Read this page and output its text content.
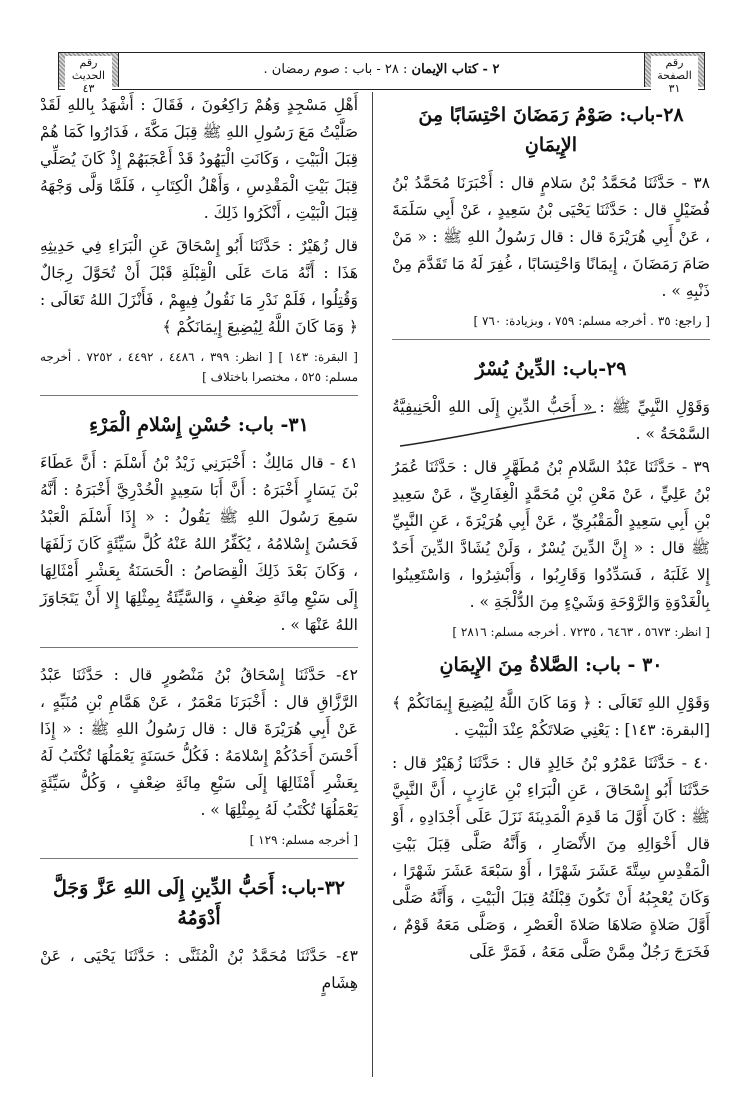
رقم الصفحة
٣١
٢ - كتاب الإيمان : ٢٨ - باب : صوم رمضان .
رقم الحديث
٤٣
٢٨-باب: صَوْمُ رَمَضَانَ احْتِسَابًا مِنَ الإِيمَانِ

٣٨ - حَدَّثَنَا مُحَمَّدُ بْنُ سَلامٍ قال : أَخْبَرَنَا مُحَمَّدُ بْنُ فُضَيْلٍ قال : حَدَّثَنَا يَحْيَى بْنُ سَعِيدٍ ، عَنْ أَبِي سَلَمَةَ ، عَنْ أَبِي هُرَيْرَةَ قال : قال رَسُولُ اللهِ ﷺ : « مَنْ صَامَ رَمَضَانَ ، إِيمَانًا وَاحْتِسَابًا ، غُفِرَ لَهُ مَا تَقَدَّمَ مِنْ ذَنْبِهِ » .

[ راجع: ٣٥ . أخرجه مسلم: ٧٥٩ ، وبزيادة: ٧٦٠ ]

٢٩-باب: الدِّينُ يُسْرٌ

وَقَوْلِ النَّبِيِّ ﷺ : « أَحَبُّ الدِّينِ إِلَى اللهِ الْحَنِيفِيَّةُ السَّمْحَةُ » .

٣٩ - حَدَّثَنَا عَبْدُ السَّلامِ بْنُ مُطَهَّرٍ قال : حَدَّثَنَا عُمَرُ بْنُ عَلِيٍّ ، عَنْ مَعْنِ بْنِ مُحَمَّدٍ الْغِفَارِيِّ ، عَنْ سَعِيدِ بْنِ أَبِي سَعِيدٍ الْمَقْبُرِيِّ ، عَنْ أَبِي هُرَيْرَةَ ، عَنِ النَّبِيِّ ﷺ قال : « إِنَّ الدِّينَ يُسْرٌ ، وَلَنْ يُشَادَّ الدِّينَ أَحَدٌ إِلا غَلَبَهُ ، فَسَدِّدُوا وَقَارِبُوا ، وَأَبْشِرُوا ، وَاسْتَعِينُوا بِالْغَدْوَةِ وَالرَّوْحَةِ وَشَيْءٍ مِنَ الدُّلْجَةِ » .

[ انظر: ٥٦٧٣ ، ٦٤٦٣ ، ٧٢٣٥ . أخرجه مسلم: ٢٨١٦ ]

٣٠ - باب: الصَّلاةُ مِنَ الإِيمَانِ

وَقَوْلِ اللهِ تَعَالَى : ﴿ وَمَا كَانَ اللَّهُ لِيُضِيعَ إِيمَانَكُمْ ﴾ [البقرة: ١٤٣] : يَعْنِي صَلاتَكُمْ عِنْدَ الْبَيْتِ .

٤٠ - حَدَّثَنَا عَمْرُو بْنُ خَالِدٍ قال : حَدَّثَنَا زُهَيْرٌ قال : حَدَّثَنَا أَبُو إِسْحَاقَ ، عَنِ الْبَرَاءِ بْنِ عَازِبٍ ، أَنَّ النَّبِيَّ ﷺ : كَانَ أَوَّلَ مَا قَدِمَ الْمَدِينَةَ نَزَلَ عَلَى أَجْدَادِهِ ، أَوْ قال أَخْوَالِهِ مِنَ الأَنْصَارِ ، وَأَنَّهُ صَلَّى قِبَلَ بَيْتِ الْمَقْدِسِ سِتَّةَ عَشَرَ شَهْرًا ، أَوْ سَبْعَةَ عَشَرَ شَهْرًا ، وَكَانَ يُعْجِبُهُ أَنْ تَكُونَ قِبْلَتُهُ قِبَلَ الْبَيْتِ ، وَأَنَّهُ صَلَّى أَوَّلَ صَلاةٍ صَلاهَا صَلاةَ الْعَصْرِ ، وَصَلَّى مَعَهُ قَوْمٌ ، فَخَرَجَ رَجُلٌ مِمَّنْ صَلَّى مَعَهُ ، فَمَرَّ عَلَى

أَهْلِ مَسْجِدٍ وَهُمْ رَاكِعُونَ ، فَقَالَ : أَشْهَدُ بِاللهِ لَقَدْ صَلَّيْتُ مَعَ رَسُولِ اللهِ ﷺ قِبَلَ مَكَّةَ ، فَدَارُوا كَمَا هُمْ قِبَلَ الْبَيْتِ ، وَكَانَتِ الْيَهُودُ قَدْ أَعْجَبَهُمْ إِذْ كَانَ يُصَلِّي قِبَلَ بَيْتِ الْمَقْدِسِ ، وَأَهْلُ الْكِتَابِ ، فَلَمَّا وَلَّى وَجْهَهُ قِبَلَ الْبَيْتِ ، أَنْكَرُوا ذَلِكَ .

قال زُهَيْرٌ : حَدَّثَنَا أَبُو إِسْحَاقَ عَنِ الْبَرَاءِ فِي حَدِيثِهِ هَذَا : أَنَّهُ مَاتَ عَلَى الْقِبْلَةِ قَبْلَ أَنْ تُحَوَّلَ رِجَالٌ وَقُتِلُوا ، فَلَمْ نَدْرِ مَا نَقُولُ فِيهِمْ ، فَأَنْزَلَ اللهُ تَعَالَى : ﴿ وَمَا كَانَ اللَّهُ لِيُضِيعَ إِيمَانَكُمْ ﴾

[ البقرة: ١٤٣ ] [ انظر: ٣٩٩ ، ٤٤٨٦ ، ٤٤٩٢ ، ٧٢٥٢ . أخرجه مسلم: ٥٢٥ ، مختصرا باختلاف ]

٣١- باب: حُسْنِ إِسْلامِ الْمَرْءِ

٤١ - قال مَالِكٌ : أَخْبَرَنِي زَيْدُ بْنُ أَسْلَمَ : أَنَّ عَطَاءَ بْنَ يَسَارٍ أَخْبَرَهُ : أَنَّ أَبَا سَعِيدٍ الْخُدْرِيَّ أَخْبَرَهُ : أَنَّهُ سَمِعَ رَسُولَ اللهِ ﷺ يَقُولُ : « إِذَا أَسْلَمَ الْعَبْدُ فَحَسُنَ إِسْلامُهُ ، يُكَفِّرُ اللهُ عَنْهُ كُلَّ سَيِّئَةٍ كَانَ زَلَفَهَا ، وَكَانَ بَعْدَ ذَلِكَ الْقِصَاصُ : الْحَسَنَةُ بِعَشْرِ أَمْثَالِهَا إِلَى سَبْعِ مِائَةِ ضِعْفٍ ، وَالسَّيِّئَةُ بِمِثْلِهَا إِلا أَنْ يَتَجَاوَزَ اللهُ عَنْهَا » .

٤٢- حَدَّثَنَا إِسْحَاقُ بْنُ مَنْصُورٍ قال : حَدَّثَنَا عَبْدُ الرَّزَّاقِ قال : أَخْبَرَنَا مَعْمَرٌ ، عَنْ هَمَّامِ بْنِ مُنَبِّهٍ ، عَنْ أَبِي هُرَيْرَةَ قال : قال رَسُولُ اللهِ ﷺ : « إِذَا أَحْسَنَ أَحَدُكُمْ إِسْلامَهُ : فَكُلُّ حَسَنَةٍ يَعْمَلُهَا تُكْتَبُ لَهُ بِعَشْرِ أَمْثَالِهَا إِلَى سَبْعِ مِائَةِ ضِعْفٍ ، وَكُلُّ سَيِّئَةٍ يَعْمَلُهَا تُكْتَبُ لَهُ بِمِثْلِهَا » .

[ أخرجه مسلم: ١٢٩ ]

٣٢-باب: أَحَبُّ الدِّينِ إِلَى اللهِ عَزَّ وَجَلَّ أَدْوَمُهُ

٤٣- حَدَّثَنَا مُحَمَّدُ بْنُ الْمُثَنَّى : حَدَّثَنَا يَحْيَى ، عَنْ هِشَامٍ
